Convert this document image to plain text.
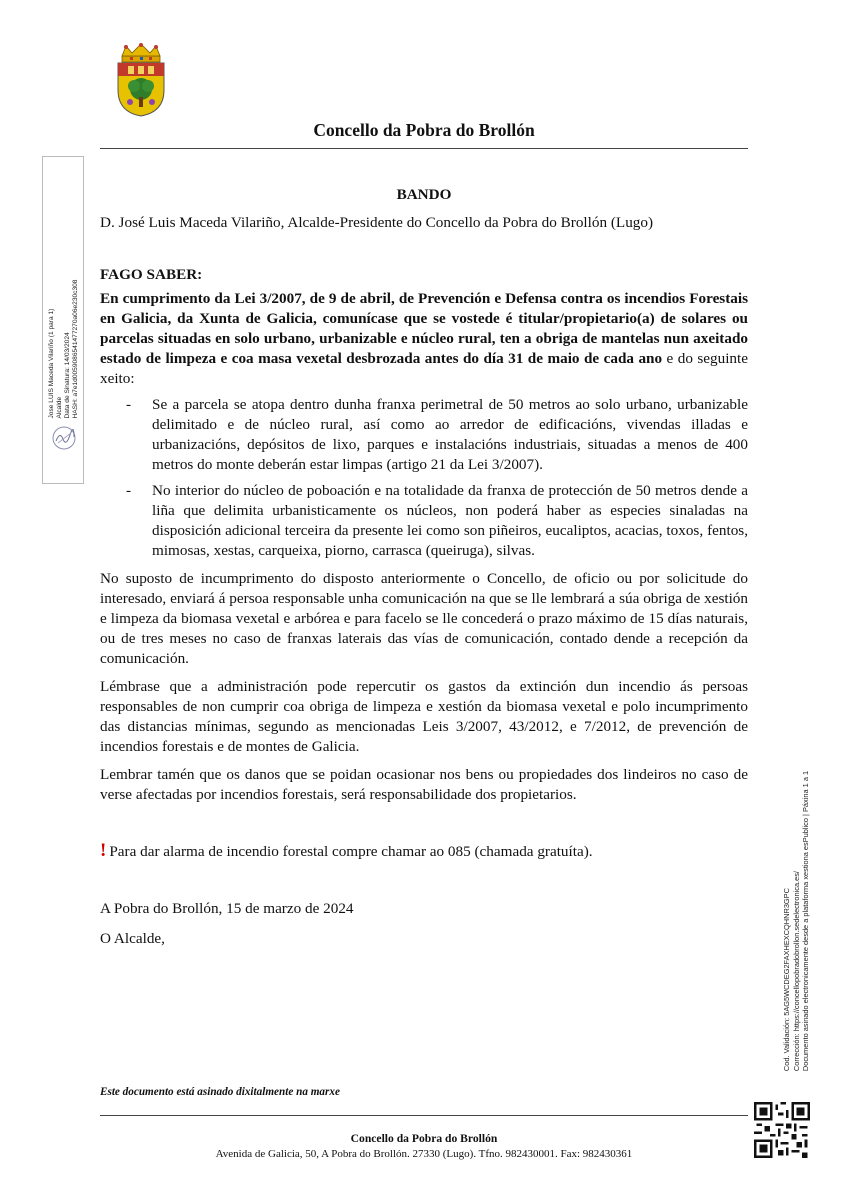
Concello da Pobra do Brollón
Jose LUIS Maceda Vilariño (1 para 1) Alcalde Data de Sinatura: 14/03/2024 HASH: a7e1d0059086541477270a06e230c308

BANDO

D. José Luis Maceda Vilariño, Alcalde-Presidente do Concello da Pobra do Brollón (Lugo)

FAGO SABER:

En cumprimento da Lei 3/2007, de 9 de abril, de Prevención e Defensa contra os incendios Forestais en Galicia, da Xunta de Galicia, comunícase que se vostede é titular/propietario(a) de solares ou parcelas situadas en solo urbano, urbanizable e núcleo rural, ten a obriga de mantelas nun axeitado estado de limpeza e coa masa vexetal desbrozada antes do día 31 de maio de cada ano e do seguinte xeito:

- Se a parcela se atopa dentro dunha franxa perimetral de 50 metros ao solo urbano, urbanizable delimitado e de núcleo rural, así como ao arredor de edificacións, vivendas illadas e urbanizacións, depósitos de lixo, parques e instalacións industriais, situadas a menos de 400 metros do monte deberán estar limpas (artigo 21 da Lei 3/2007).
- No interior do núcleo de poboación e na totalidade da franxa de protección de 50 metros dende a liña que delimita urbanisticamente os núcleos, non poderá haber as especies sinaladas na disposición adicional terceira da presente lei como son piñeiros, eucaliptos, acacias, toxos, fentos, mimosas, xestas, carqueixa, piorno, carrasca (queiruga), silvas.

No suposto de incumprimento do disposto anteriormente o Concello, de oficio ou por solicitude do interesado, enviará á persoa responsable unha comunicación na que se lle lembrará a súa obriga de xestión e limpeza da biomasa vexetal e arbórea e para facelo se lle concederá o prazo máximo de 15 días naturais, ou de tres meses no caso de franxas laterais das vías de comunicación, contado dende a recepción da comunicación.

Lémbrase que a administración pode repercutir os gastos da extinción dun incendio ás persoas responsables de non cumprir coa obriga de limpeza e xestión da biomasa vexetal e polo incumprimento das distancias mínimas, segundo as mencionadas Leis 3/2007, 43/2012, e 7/2012, de prevención de incendios forestais e de montes de Galicia.

Lembrar tamén que os danos que se poidan ocasionar nos bens ou propiedades dos lindeiros no caso de verse afectadas por incendios forestais, será responsabilidade dos propietarios.

! Para dar alarma de incendio forestal compre chamar ao 085 (chamada gratuíta).

A Pobra do Brollón, 15 de marzo de 2024

O Alcalde,

Este documento está asinado dixitalmente na marxe
Concello da Pobra do Brollón
Avenida de Galicia, 50, A Pobra do Brollón. 27330 (Lugo). Tfno. 982430001. Fax: 982430361
Cod. Validación: 5AG5WCDEG2FAXHEXCQHNR3GPC Corrección: https://concellopobradobrollon.sedelectronica.es/ Documento asinado electronicamente desde a plataforma xestiona esPublico | Páxina 1 a 1
